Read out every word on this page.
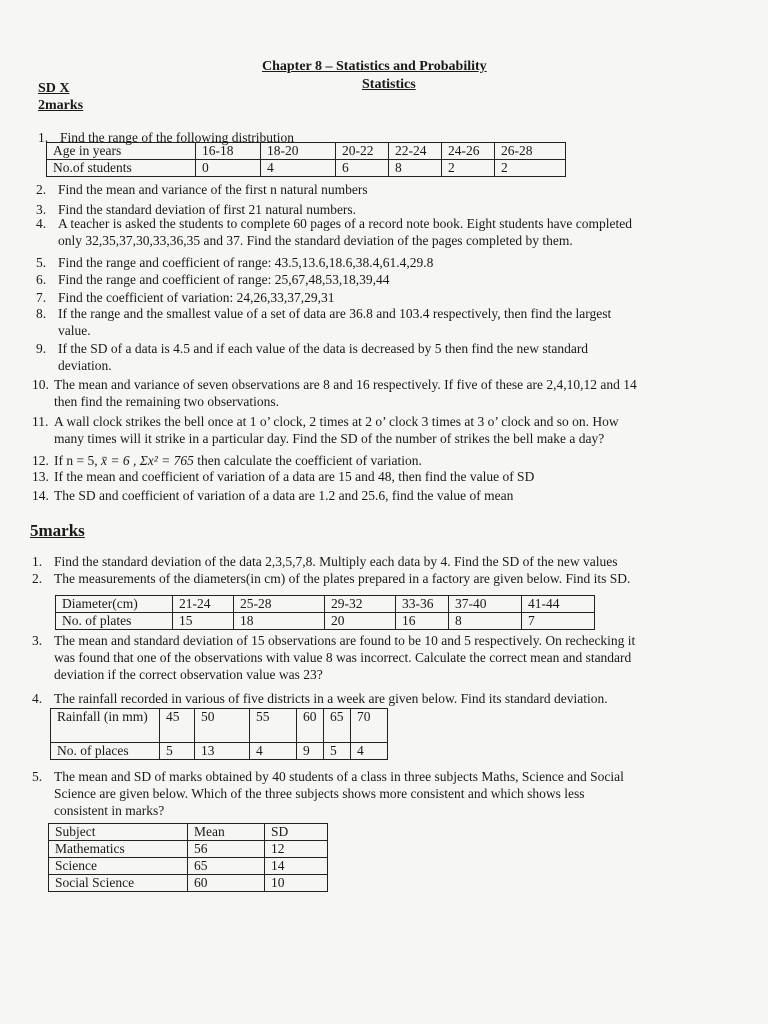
Chapter 8 – Statistics and Probability
Statistics
SD X
2marks
1. Find the range of the following distribution
Age in years	16-18	18-20	20-22	22-24	24-26	26-28
No.of students	0	4	6	8	2	2
2. Find the mean and variance of the first n natural numbers
3. Find the standard deviation of first 21 natural numbers.
4. A teacher is asked the students to complete 60 pages of a record note book. Eight students have completed
only 32,35,37,30,33,36,35 and 37. Find the standard deviation of the pages completed by them.
5. Find the range and coefficient of range: 43.5,13.6,18.6,38.4,61.4,29.8
6. Find the range and coefficient of range: 25,67,48,53,18,39,44
7. Find the coefficient of variation: 24,26,33,37,29,31
8. If the range and the smallest value of a set of data are 36.8 and 103.4 respectively, then find the largest
value.
9. If the SD of a data is 4.5 and if each value of the data is decreased by 5 then find the new standard
deviation.
10. The mean and variance of seven observations are 8 and 16 respectively. If five of these are 2,4,10,12 and 14
then find the remaining two observations.
11. A wall clock strikes the bell once at 1 o’ clock, 2 times at 2 o’ clock 3 times at 3 o’ clock and so on. How
many times will it strike in a particular day. Find the SD of the number of strikes the bell make a day?
12. If n = 5, x̄ = 6 , Σx² = 765 then calculate the coefficient of variation.
13. If the mean and coefficient of variation of a data are 15 and 48, then find the value of SD
14. The SD and coefficient of variation of a data are 1.2 and 25.6, find the value of mean
5marks
1. Find the standard deviation of the data 2,3,5,7,8. Multiply each data by 4. Find the SD of the new values
2. The measurements of the diameters(in cm) of the plates prepared in a factory are given below. Find its SD.
Diameter(cm)	21-24	25-28	29-32	33-36	37-40	41-44
No. of plates	15	18	20	16	8	7
3. The mean and standard deviation of 15 observations are found to be 10 and 5 respectively. On rechecking it
was found that one of the observations with value 8 was incorrect. Calculate the correct mean and standard
deviation if the correct observation value was 23?
4. The rainfall recorded in various of five districts in a week are given below. Find its standard deviation.
Rainfall (in mm)	45	50	55	60	65	70
No. of places	5	13	4	9	5	4
5. The mean and SD of marks obtained by 40 students of a class in three subjects Maths, Science and Social
Science are given below. Which of the three subjects shows more consistent and which shows less
consistent in marks?
Subject	Mean	SD
Mathematics	56	12
Science	65	14
Social Science	60	10
